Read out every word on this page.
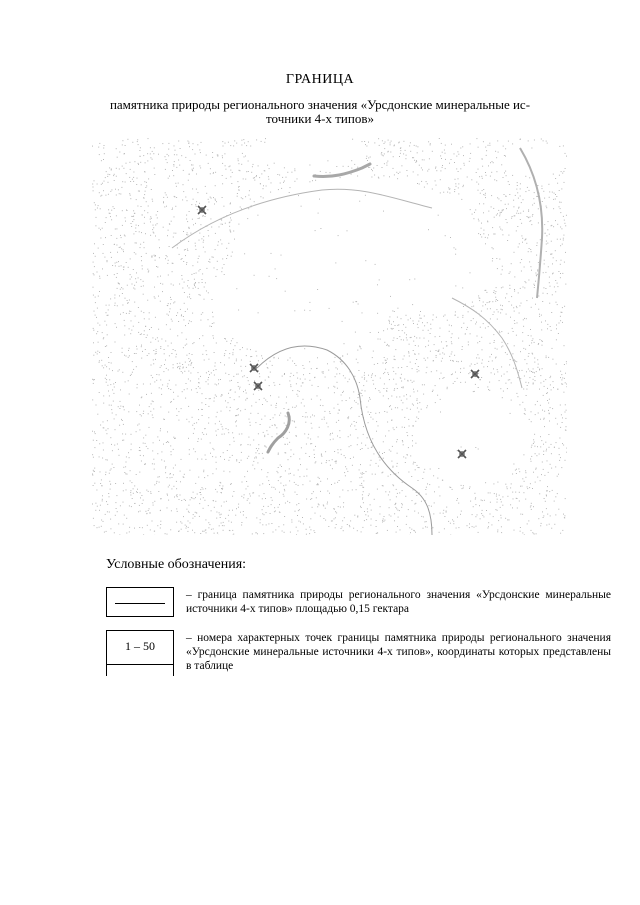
ГРАНИЦА
памятника природы регионального значения «Урсдонские минеральные источники 4-х типов»
Условные обозначения:
– граница памятника природы регионального значения «Урсдонские минеральные источники 4-х типов» площадью 0,15 гектара
1 – 50
– номера характерных точек границы памятника природы регионального значения «Урсдонские минеральные источники 4-х типов», координаты которых представлены в таблице
